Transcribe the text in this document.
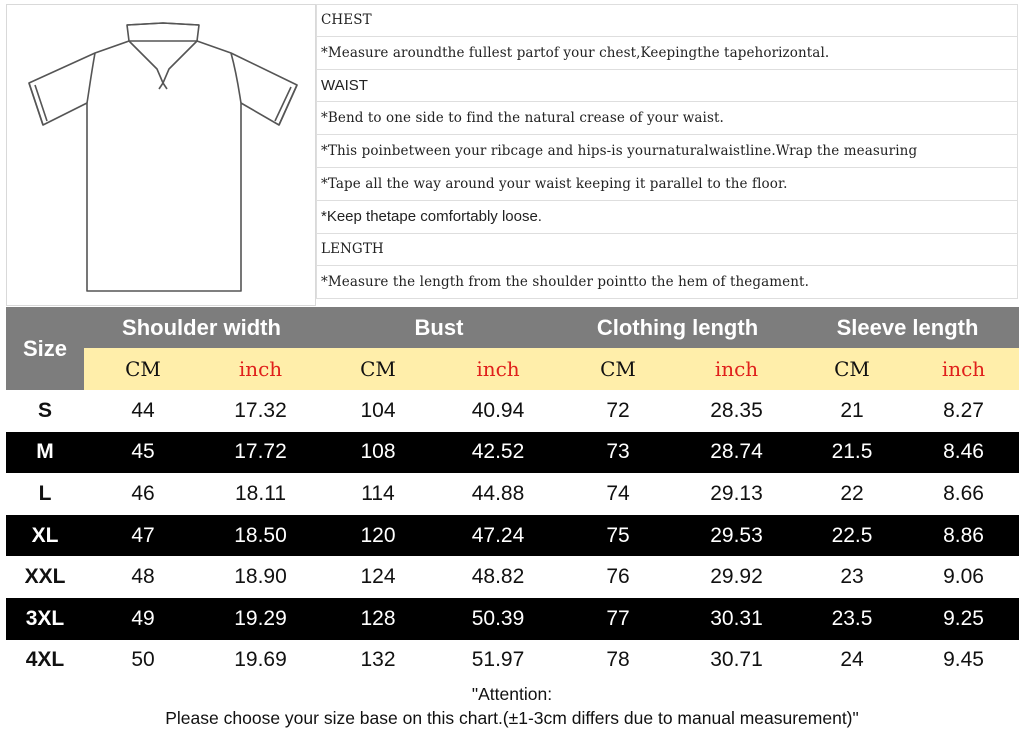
CHEST
*Measure aroundthe fullest partof your chest,Keepingthe tapehorizontal.
WAIST
*Bend to one side to find the natural crease of your waist.
*This poinbetween your ribcage and hips-is yournaturalwaistline.Wrap the measuring
*Tape all the way around your waist keeping it parallel to the floor.
*Keep thetape comfortably loose.
LENGTH
*Measure the length from the shoulder pointto the hem of thegament.
Size
Shoulder width	Bust	Clothing length	Sleeve length
CM	inch	CM	inch	CM	inch	CM	inch
S	44	17.32	104	40.94	72	28.35	21	8.27
M	45	17.72	108	42.52	73	28.74	21.5	8.46
L	46	18.11	114	44.88	74	29.13	22	8.66
XL	47	18.50	120	47.24	75	29.53	22.5	8.86
XXL	48	18.90	124	48.82	76	29.92	23	9.06
3XL	49	19.29	128	50.39	77	30.31	23.5	9.25
4XL	50	19.69	132	51.97	78	30.71	24	9.45
"Attention:
Please choose your size base on this chart.(±1-3cm differs due to manual measurement)"
